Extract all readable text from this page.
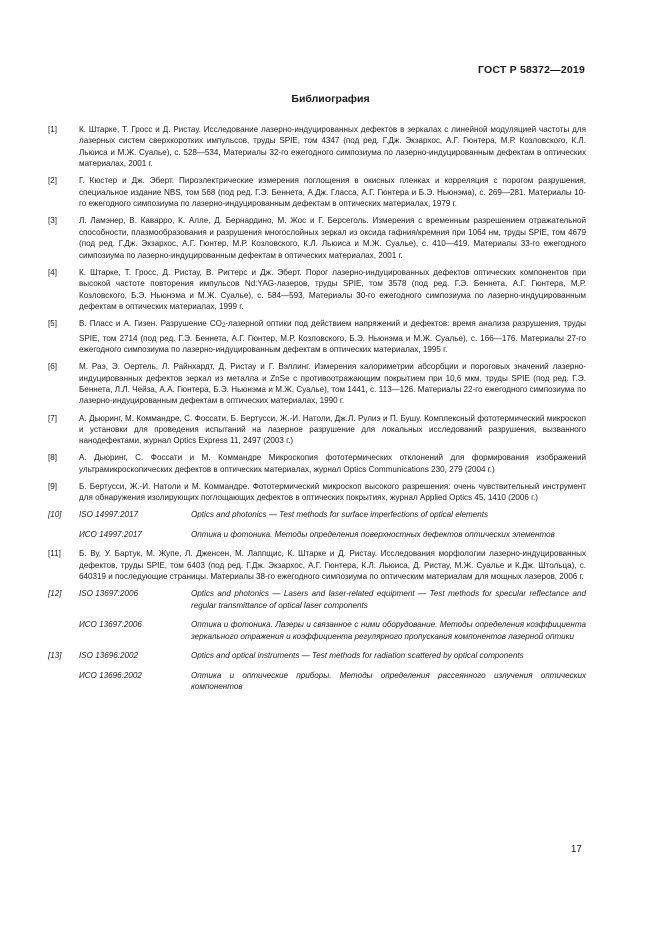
ГОСТ Р 58372—2019
Библиография
[1]	К. Штарке, Т. Гросс и Д. Ристау. Исследование лазерно-индуцированных дефектов в зеркалах с линейной модуляцией частоты для лазерных систем сверхкоротких импульсов, труды SPIE, том 4347 (под ред. Г.Дж. Экзархос, А.Г. Гюнтера, М.Р. Козловского, К.Л. Льюиса и М.Ж. Суалье), с. 528—534, Материалы 32-го ежегодного симпозиума по лазерно-индуцированным дефектам в оптических материалах, 2001 г.
[2]	Г. Кюстер и Дж. Эберт. Пироэлектрические измерения поглощения в окисных пленках и корреляция с порогом разрушения, специальное издание NBS, том 568 (под ред. Г.Э. Беннета, А.Дж. Гласса, А.Г. Гюнтера и Б.Э. Ньюнэма), с. 269—281. Материалы 10-го ежегодного симпозиума по лазерно-индуцированным дефектам в оптических материалах, 1979 г.
[3]	Л. Ламэнер, В. Каварро, К. Алле, Д. Бернардино, М. Жос и Г. Берсеголь. Измерения с временным разрешением отражательной способности, плазмообразования и разрушения многослойных зеркал из оксида гафния/кремния при 1064 нм, труды SPIE, том 4679 (под ред. Г.Дж. Экзархос, А.Г. Гюнтер, М.Р. Козловского, К.Л. Льюиса и М.Ж. Суалье), с. 410—419. Материалы 33-го ежегодного симпозиума по лазерно-индуцированным дефектам в оптических материалах, 2001 г.
[4]	К. Штарке, Т. Гросс, Д. Ристау, В. Ригтерс и Дж. Эберт. Порог лазерно-индуцированных дефектов оптических компонентов при высокой частоте повторения импульсов Nd:YAG-лазеров, труды SPIE, том 3578 (под ред. Г.Э. Беннета, А.Г. Гюнтера, М.Р. Козловского, Б.Э. Ньюнэма и М.Ж. Суалье), с. 584—593, Материалы 30-го ежегодного симпозиума по лазерно-индуцированным дефектам в оптических материалах, 1999 г.
[5]	В. Пласс и А. Гизен. Разрушение $CO_2$-лазерной оптики под действием напряжений и дефектов: время анализа разрушения, труды SPIE, том 2714 (под ред. Г.Э. Беннета, А.Г. Гюнтер, М.Р. Козловского, Б.Э. Ньюнэма и М.Ж. Суалье), с. 166—176. Материалы 27-го ежегодного симпозиума по лазерно-индуцированным дефектам в оптических материалах, 1995 г.
[6]	М. Раэ, Э. Оертель, Л. Райнхардт, Д. Ристау и Г. Вэллинг. Измерения калориметрии абсорбции и пороговых значений лазерно-индуцированных дефектов зеркал из металла и ZnSe с противоотражающим покрытием при 10,6 мкм, труды SPIE (под ред. Г.Э. Беннета, Л.Л. Чейза, А.А. Гюнтера, Б.Э. Ньюнэма и М.Ж. Суалье), том 1441, с. 113—126. Материалы 22-го ежегодного симпозиума по лазерно-индуцированным дефектам в оптических материалах, 1990 г.
[7]	А. Дьюринг, М. Коммандре, С. Фоссати, Б. Бертусси, Ж.-И. Натоли, Дж.Л. Рулиэ и П. Бушу. Комплексный фототермический микроскоп и установки для проведения испытаний на лазерное разрушение для локальных исследований разрушения, вызванного нанодефектами, журнал Optics Express 11, 2497 (2003 г.)
[8]	А. Дьюринг, С. Фоссати и М. Коммандре Микроскопия фототермических отклонений для формирования изображений ультрамикроскопических дефектов в оптических материалах, журнал Optics Communications 230, 279 (2004 г.)
[9]	Б. Бертусси, Ж.-И. Натоли и М. Коммандре. Фототермический микроскоп высокого разрешения: очень чувствительный инструмент для обнаружения изолирующих поглощающих дефектов в оптических покрытиях, журнал Applied Optics 45, 1410 (2006 г.)
[10]	ISO 14997:2017	Optics and photonics — Test methods for surface imperfections of optical elements
ИСО 14997:2017	Оптика и фотоника. Методы определения поверхностных дефектов оптических элементов
[11]	Б. Ву, У. Бартук, М. Жупе, Л. Дженсен, М. Лаппщис, К. Штарке и Д. Ристау. Исследования морфологии лазерно-индуцированных дефектов, труды SPIE, том 6403 (под ред. Г.Дж. Экзархос, А.Г. Гюнтера, К.Л. Льюиса, Д. Ристау, М.Ж. Суалье и К.Дж. Штольца), с. 640319 и последующие страницы. Материалы 38-го ежегодного симпозиума по оптическим материалам для мощных лазеров, 2006 г.
[12]	ISO 13697:2006	Optics and photonics — Lasers and laser-related equipment — Test methods for specular reflectance and regular transmittance of optical laser components
ИСО 13697:2006	Оптика и фотоника. Лазеры и связанное с ними оборудование. Методы определения коэффициента зеркального отражения и коэффициента регулярного пропускания компонентов лазерной оптики
[13]	ISO 13696:2002	Optics and optical instruments — Test methods for radiation scattered by optical components
ИСО 13696:2002	Оптика и оптические приборы. Методы определения рассеянного излучения оптических компонентов
17
